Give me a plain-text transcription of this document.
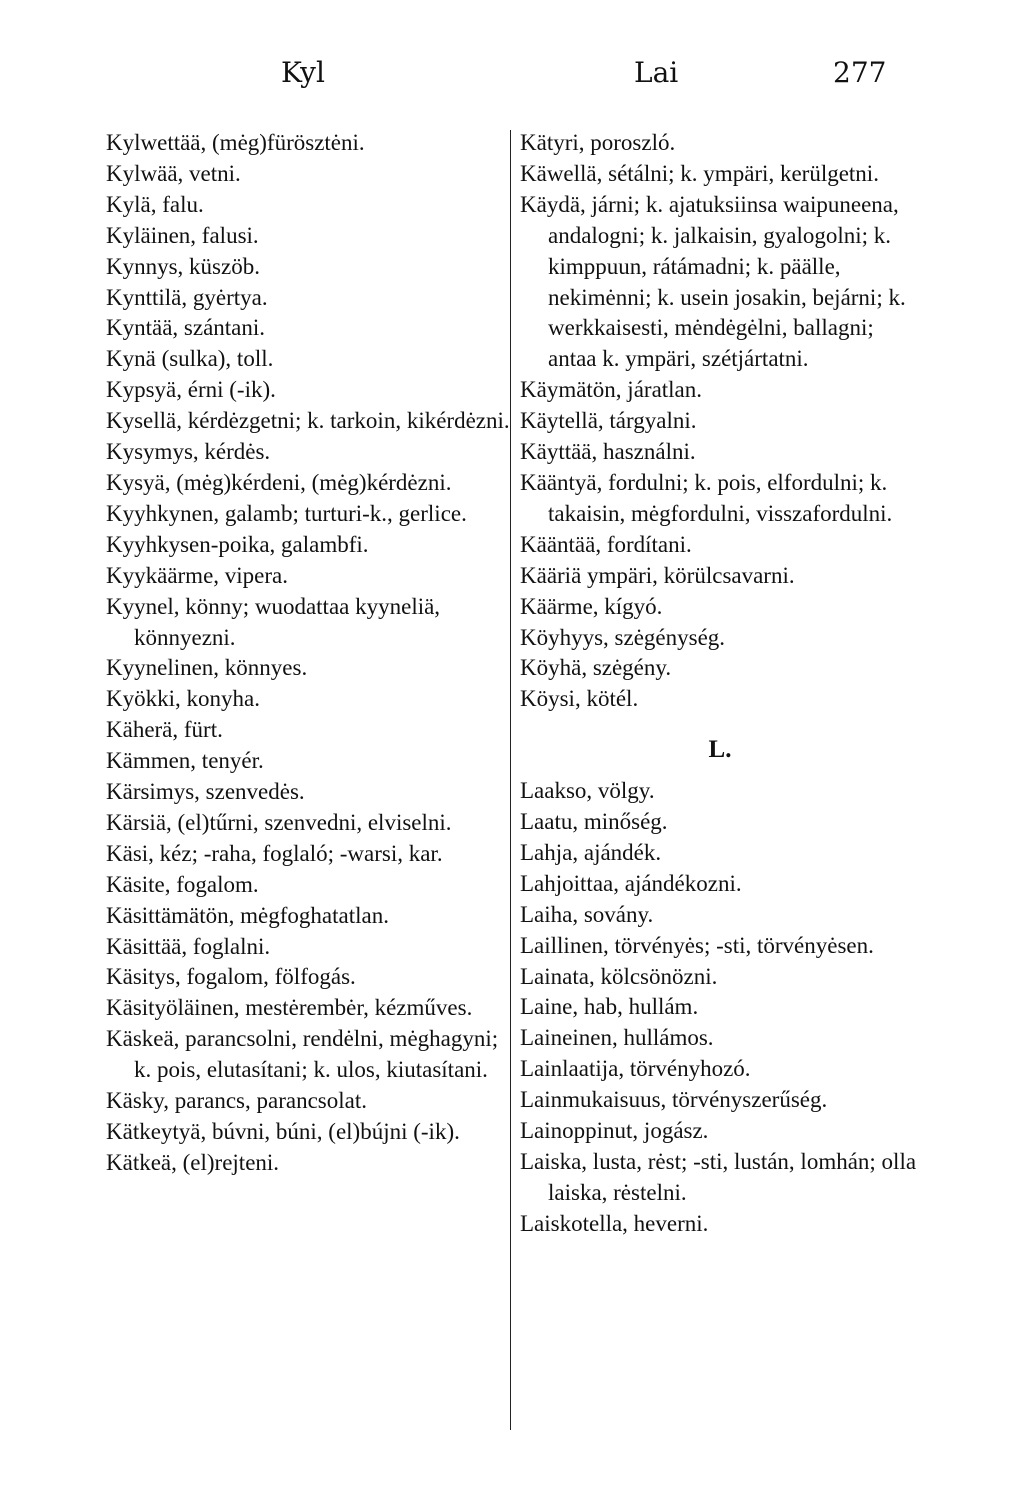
Kyl	Lai	277

Kylwettää, (mėg)fürösztėni.

Kylwää, vetni.

Kylä, falu.

Kyläinen, falusi.

Kynnys, küszöb.

Kynttilä, gyėrtya.

Kyntää, szántani.

Kynä (sulka), toll.

Kypsyä, érni (-ik).

Kysellä, kérdėzgetni; k. tarkoin, kikérdėzni.

Kysymys, kérdės.

Kysyä, (mėg)kérdeni, (mėg)kérdėzni.

Kyyhkynen, galamb; turturi-k., gerlice.

Kyyhkysen-poika, galambfi.

Kyykäärme, vipera.

Kyynel, könny; wuodattaa kyyneliä, könnyezni.

Kyynelinen, könnyes.

Kyökki, konyha.

Käherä, fürt.

Kämmen, tenyér.

Kärsimys, szenvedės.

Kärsiä, (el)tűrni, szenvedni, elviselni.

Käsi, kéz; -raha, foglaló; -warsi, kar.

Käsite, fogalom.

Käsittämätön, mėgfoghatatlan.

Käsittää, foglalni.

Käsitys, fogalom, fölfogás.

Käsityöläinen, mestėrembėr, kézműves.

Käskeä, parancsolni, rendėlni, mėghagyni; k. pois, elutasítani; k. ulos, kiutasítani.

Käsky, parancs, parancsolat.

Kätkeytyä, búvni, búni, (el)bújni (-ik).

Kätkeä, (el)rejteni.

Kätyri, poroszló.

Käwellä, sétálni; k. ympäri, kerülgetni.

Käydä, járni; k. ajatuksiinsa waipuneena, andalogni; k. jalkaisin, gyalogolni; k. kimppuun, rátámadni; k. päälle, nekimėnni; k. usein josakin, bejárni; k. werkkaisesti, mėndėgėlni, ballagni; antaa k. ympäri, szétjártatni.

Käymätön, járatlan.

Käytellä, tárgyalni.

Käyttää, használni.

Kääntyä, fordulni; k. pois, elfordulni; k. takaisin, mėgfordulni, visszafordulni.

Kääntää, fordítani.

Kääriä ympäri, körülcsavarni.

Käärme, kígyó.

Köyhyys, szėgénység.

Köyhä, szėgény.

Köysi, kötél.

L.

Laakso, völgy.

Laatu, minőség.

Lahja, ajándék.

Lahjoittaa, ajándékozni.

Laiha, sovány.

Laillinen, törvényės; -sti, törvényėsen.

Lainata, kölcsönözni.

Laine, hab, hullám.

Laineinen, hullámos.

Lainlaatija, törvényhozó.

Lainmukaisuus, törvényszerűség.

Lainoppinut, jogász.

Laiska, lusta, rėst; -sti, lustán, lomhán; olla laiska, rėstelni.

Laiskotella, heverni.
